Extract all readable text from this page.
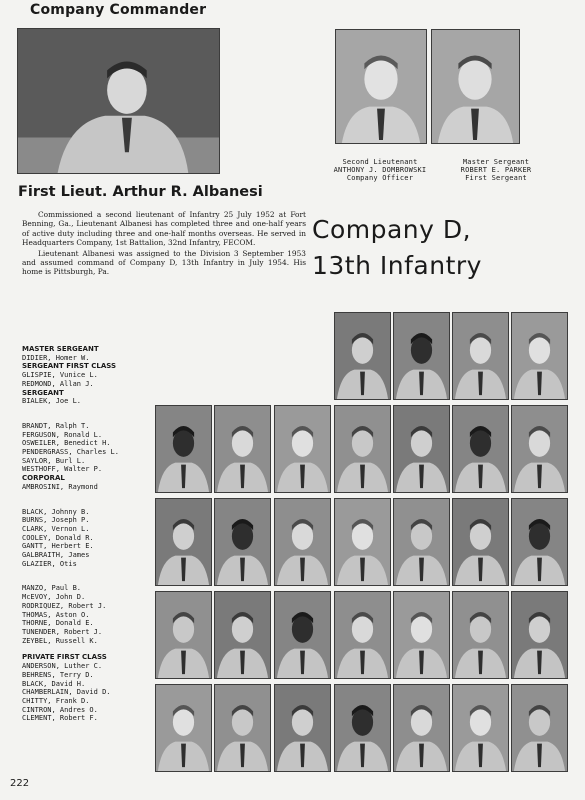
Company Commander
First Lieut. Arthur R. Albanesi

Commissioned a second lieutenant of Infantry 25 July 1952 at Fort Benning, Ga., Lieutenant Albanesi has completed three and one-half years of active duty including three and one-half months overseas. He served in Headquarters Company, 1st Battalion, 32nd Infantry, FECOM.

Lieutenant Albanesi was assigned to the Division 3 September 1953 and assumed command of Company D, 13th Infantry in July 1954. His home is Pittsburgh, Pa.

Second Lieutenant
ANTHONY J. DOMBROWSKI
Company Officer
Master Sergeant
ROBERT E. PARKER
First Sergeant
Company D,
13th Infantry
MASTER SERGEANT
DIDIER, Homer W.
SERGEANT FIRST CLASS
GLISPIE, Vunice L.
REDMOND, Allan J.
SERGEANT
BIALEK, Joe L.
BRANDT, Ralph T.
FERGUSON, Ronald L.
OSWEILER, Benedict H.
PENDERGRASS, Charles L.
SAYLOR, Burl L.
WESTHOFF, Walter P.
CORPORAL
AMBROSINI, Raymond
BLACK, Johnny B.
BURNS, Joseph P.
CLARK, Vernon L.
COOLEY, Donald R.
GANTT, Herbert E.
GALBRAITH, James
GLAZIER, Otis
MANZO, Paul B.
McEVOY, John D.
RODRIQUEZ, Robert J.
THOMAS, Aston O.
THORNE, Donald E.
TUNENDER, Robert J.
ZEYBEL, Russell K.
PRIVATE FIRST CLASS
ANDERSON, Luther C.
BEHRENS, Terry D.
BLACK, David H.
CHAMBERLAIN, David D.
CHITTY, Frank D.
CINTRON, Andres O.
CLEMENT, Robert F.
222
